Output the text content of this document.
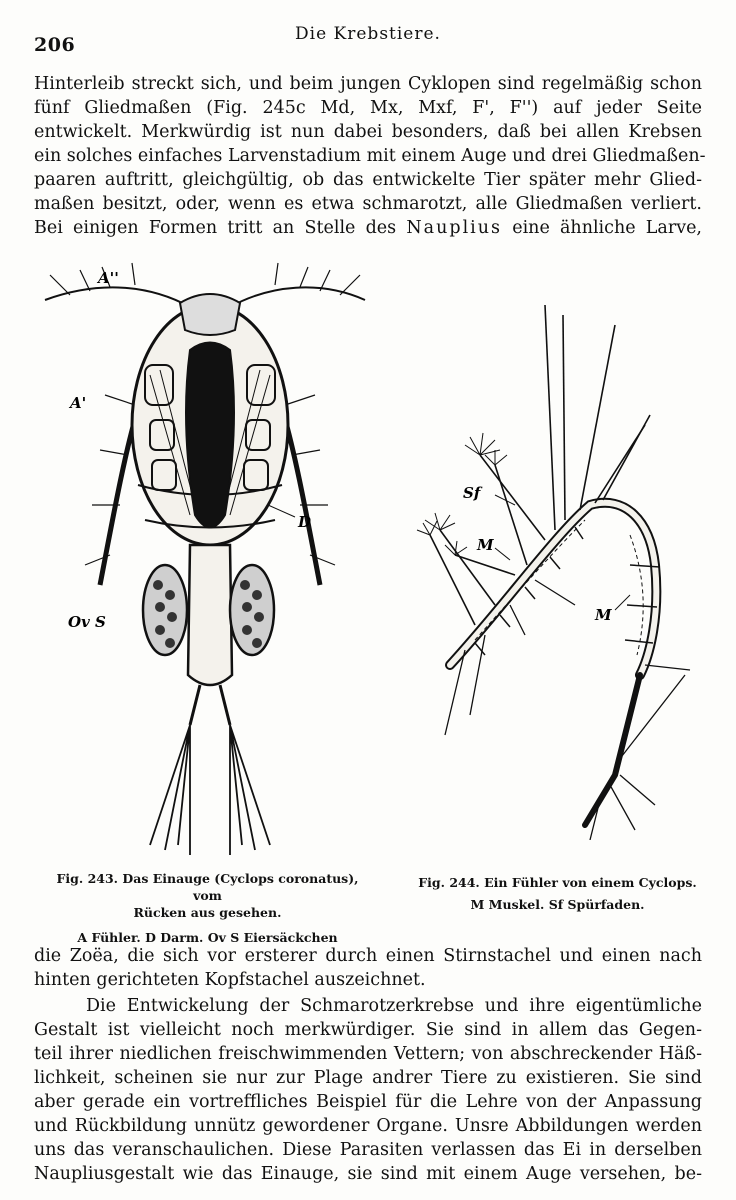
206	Die Krebstiere.
Hinterleib streckt sich, und beim jungen Cyklopen sind regelmäßig schon
fünf Gliedmaßen (Fig. 245c Md, Mx, Mxf, F', F'') auf jeder Seite
entwickelt. Merkwürdig ist nun dabei besonders, daß bei allen Krebsen
ein solches einfaches Larvenstadium mit einem Auge und drei Gliedmaßen-
paaren auftritt, gleichgültig, ob das entwickelte Tier später mehr Glied-
maßen besitzt, oder, wenn es etwa schmarotzt, alle Gliedmaßen verliert.
Bei einigen Formen tritt an Stelle des Nauplius eine ähnliche Larve,
A''
A'
D
Ov S
Sf
M
M
Fig. 243. Das Einauge (Cyclops coronatus), vom
Rücken aus gesehen.
A Fühler. D Darm. Ov S Eiersäckchen
Fig. 244. Ein Fühler von einem Cyclops.
M Muskel. Sf Spürfaden.
die Zoëa, die sich vor ersterer durch einen Stirnstachel und einen nach
hinten gerichteten Kopfstachel auszeichnet.
Die Entwickelung der Schmarotzerkrebse und ihre eigentümliche
Gestalt ist vielleicht noch merkwürdiger. Sie sind in allem das Gegen-
teil ihrer niedlichen freischwimmenden Vettern; von abschreckender Häß-
lichkeit, scheinen sie nur zur Plage andrer Tiere zu existieren. Sie sind
aber gerade ein vortreffliches Beispiel für die Lehre von der Anpassung
und Rückbildung unnütz gewordener Organe. Unsre Abbildungen werden
uns das veranschaulichen. Diese Parasiten verlassen das Ei in derselben
Naupliusgestalt wie das Einauge, sie sind mit einem Auge versehen, be-
